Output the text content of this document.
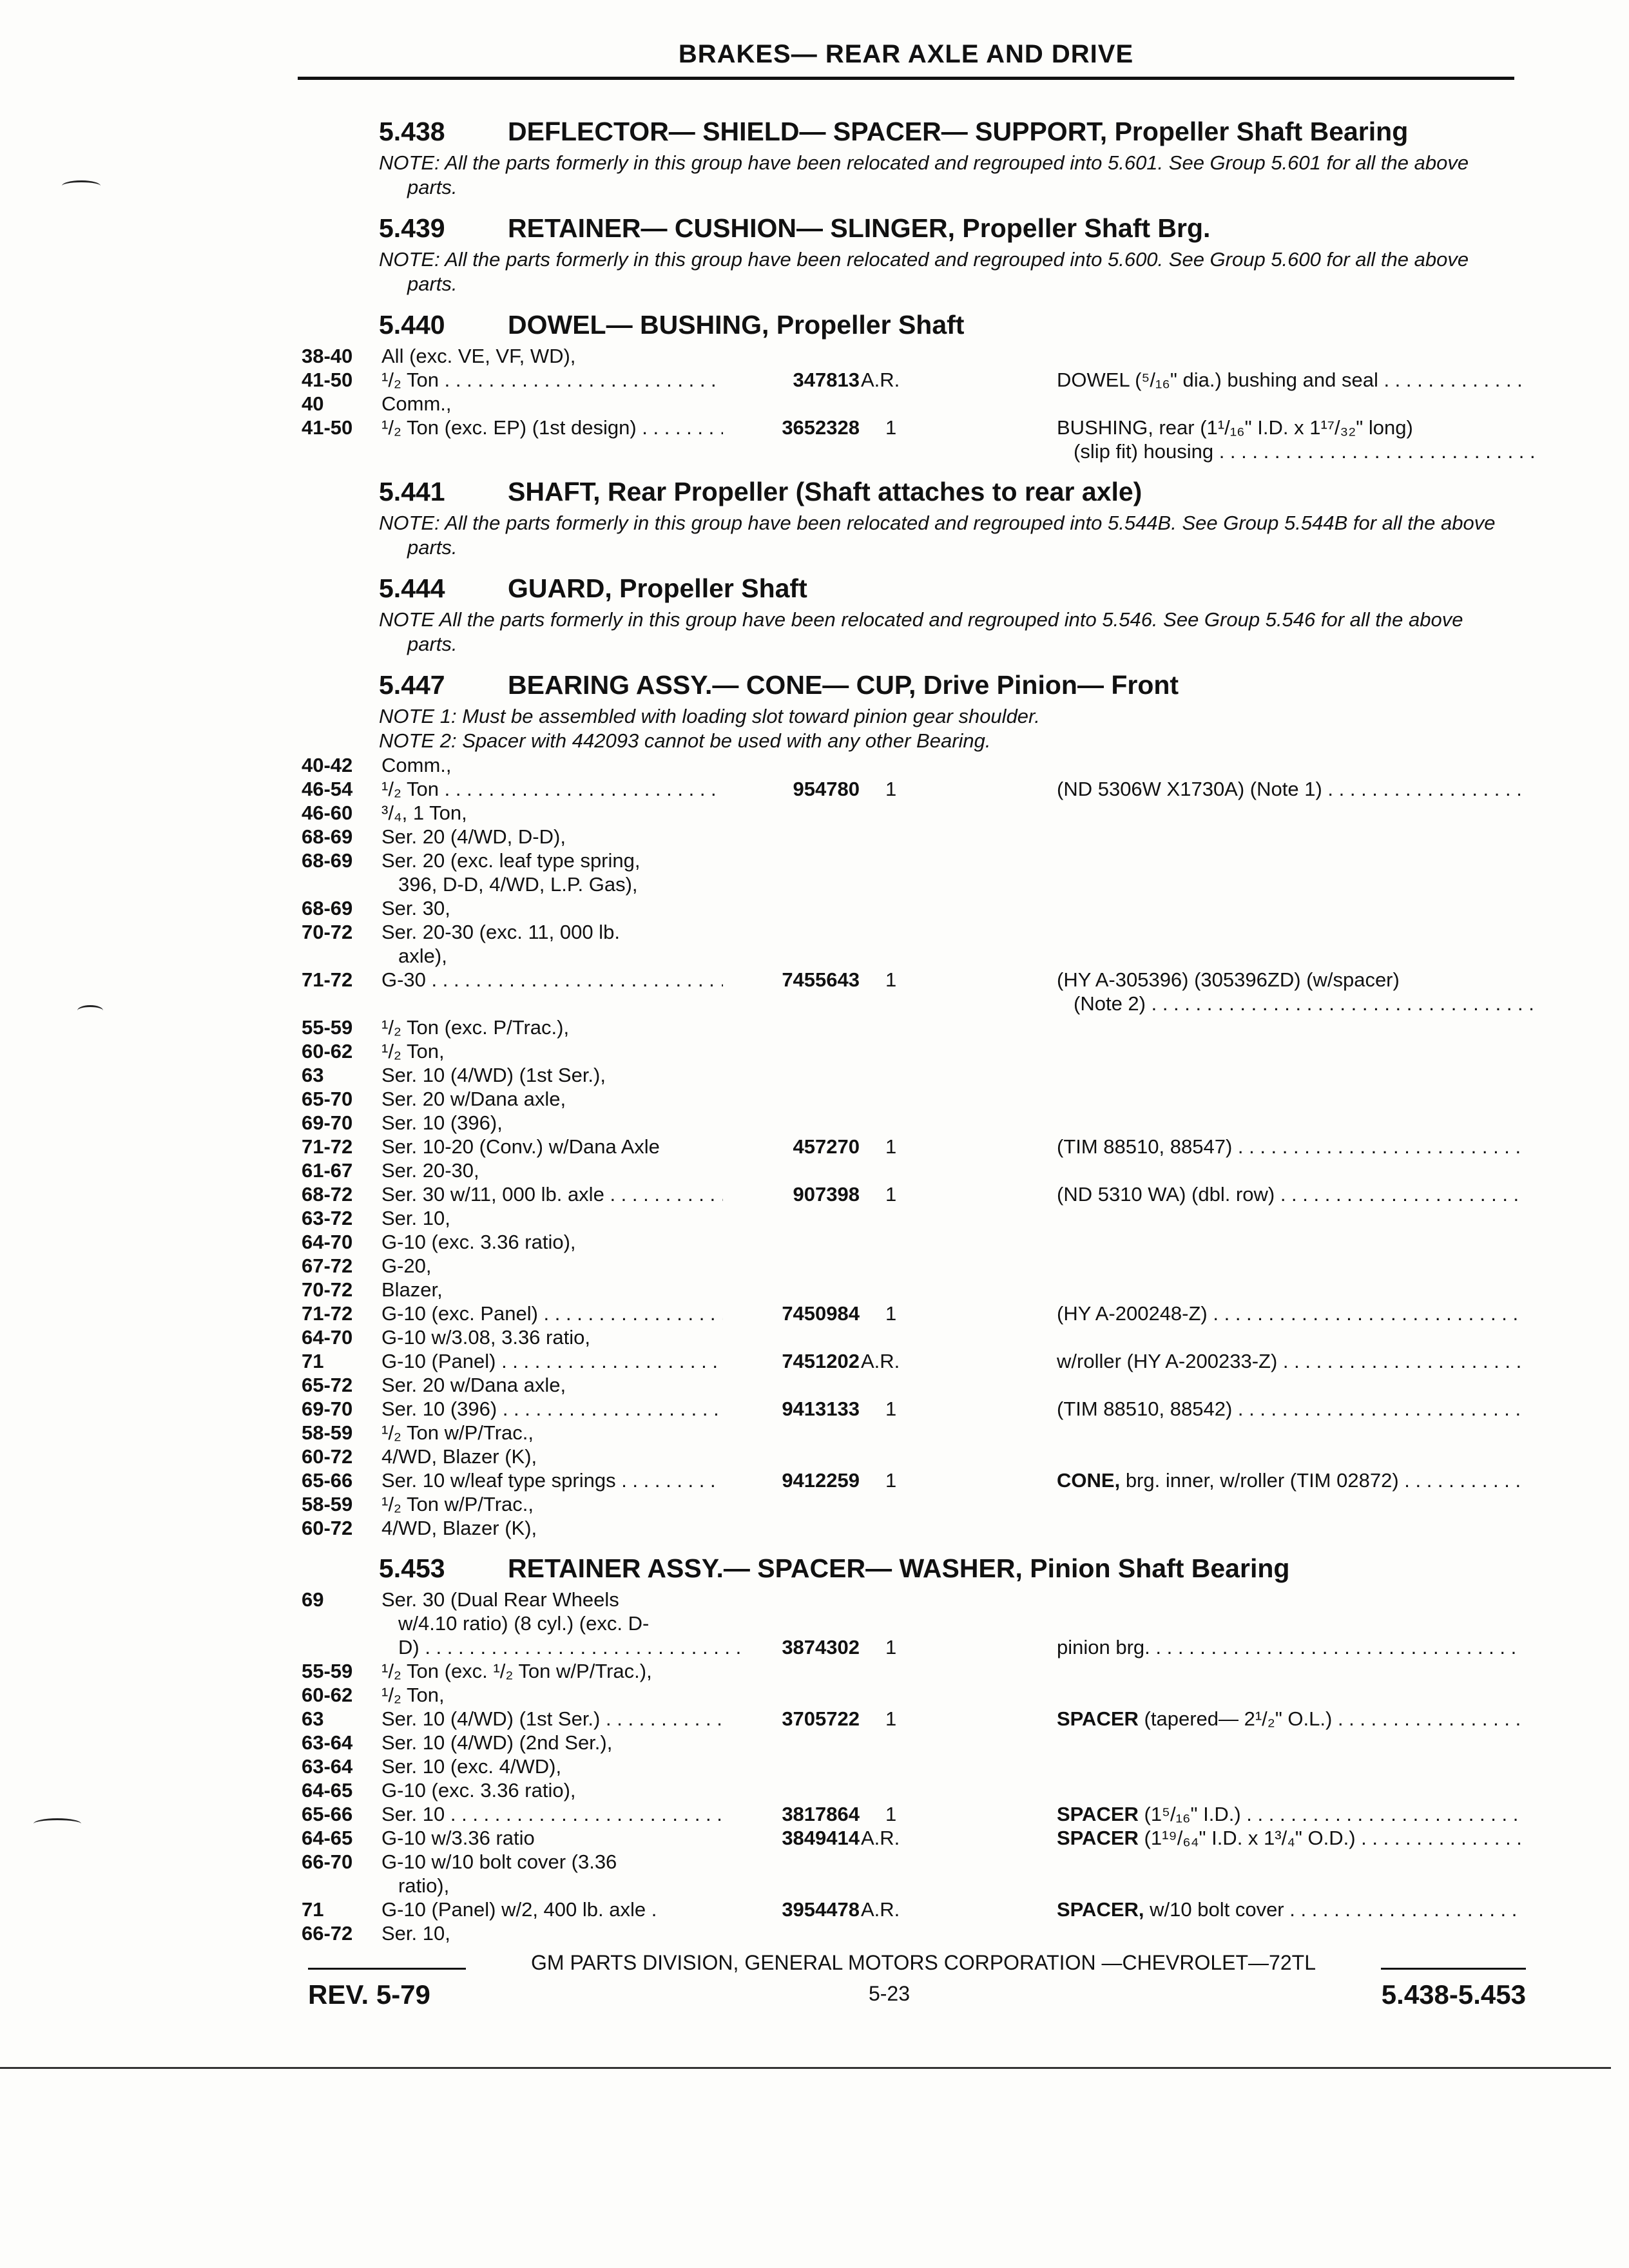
BRAKES— REAR AXLE AND DRIVE
5.438 DEFLECTOR— SHIELD— SPACER— SUPPORT, Propeller Shaft Bearing
NOTE: All the parts formerly in this group have been relocated and regrouped into 5.601. See Group 5.601 for all the above parts.
5.439 RETAINER— CUSHION— SLINGER, Propeller Shaft Brg.
NOTE: All the parts formerly in this group have been relocated and regrouped into 5.600. See Group 5.600 for all the above parts.
5.440 DOWEL— BUSHING, Propeller Shaft
38-40	All (exc. VE, VF, WD),
41-50	¹/₂ Ton . . .	347813 A.R.	DOWEL (⁵/₁₆" dia.) bushing and seal . . .
40	Comm.,
41-50	¹/₂ Ton (exc. EP) (1st design) . . .	3652328 1	BUSHING, rear (1¹/₁₆" I.D. x 1¹⁷/₃₂" long)
(slip fit) housing . . .
5.441 SHAFT, Rear Propeller (Shaft attaches to rear axle)
NOTE: All the parts formerly in this group have been relocated and regrouped into 5.544B. See Group 5.544B for all the above parts.
5.444 GUARD, Propeller Shaft
NOTE All the parts formerly in this group have been relocated and regrouped into 5.546. See Group 5.546 for all the above parts.
5.447 BEARING ASSY.— CONE— CUP, Drive Pinion— Front
NOTE 1: Must be assembled with loading slot toward pinion gear shoulder.
NOTE 2: Spacer with 442093 cannot be used with any other Bearing.
40-42	Comm.,
46-54	¹/₂ Ton . . .	954780 1	(ND 5306W X1730A) (Note 1) . . .
46-60	³/₄, 1 Ton,
68-69	Ser. 20 (4/WD, D-D),
68-69	Ser. 20 (exc. leaf type spring,
396, D-D, 4/WD, L.P. Gas),
68-69	Ser. 30,
70-72	Ser. 20-30 (exc. 11, 000 lb.
axle),
71-72	G-30 . . .	7455643 1	(HY A-305396) (305396ZD) (w/spacer)
(Note 2) . . .
55-59	¹/₂ Ton (exc. P/Trac.),
60-62	¹/₂ Ton,
63	Ser. 10 (4/WD) (1st Ser.),
65-70	Ser. 20 w/Dana axle,
69-70	Ser. 10 (396),
71-72	Ser. 10-20 (Conv.) w/Dana Axle	457270 1	(TIM 88510, 88547) . . .
61-67	Ser. 20-30,
68-72	Ser. 30 w/11, 000 lb. axle . . .	907398 1	(ND 5310 WA) (dbl. row) . . .
63-72	Ser. 10,
64-70	G-10 (exc. 3.36 ratio),
67-72	G-20,
70-72	Blazer,
71-72	G-10 (exc. Panel) . . .	7450984 1	(HY A-200248-Z) . . .
64-70	G-10 w/3.08, 3.36 ratio,
71	G-10 (Panel) . . .	7451202 A.R.	w/roller (HY A-200233-Z) . . .
65-72	Ser. 20 w/Dana axle,
69-70	Ser. 10 (396) . . .	9413133 1	(TIM 88510, 88542) . . .
58-59	¹/₂ Ton w/P/Trac.,
60-72	4/WD, Blazer (K),
65-66	Ser. 10 w/leaf type springs . . .	9412259 1	CONE, brg. inner, w/roller (TIM 02872) . . .
58-59	¹/₂ Ton w/P/Trac.,
60-72	4/WD, Blazer (K),
5.453 RETAINER ASSY.— SPACER— WASHER, Pinion Shaft Bearing
69	Ser. 30 (Dual Rear Wheels
w/4.10 ratio) (8 cyl.) (exc. D-
D) . . .	3874302 1	pinion brg. . . .
55-59	¹/₂ Ton (exc. ¹/₂ Ton w/P/Trac.),
60-62	¹/₂ Ton,
63	Ser. 10 (4/WD) (1st Ser.) . . .	3705722 1	SPACER (tapered— 2¹/₂" O.L.) . . .
63-64	Ser. 10 (4/WD) (2nd Ser.),
63-64	Ser. 10 (exc. 4/WD),
64-65	G-10 (exc. 3.36 ratio),
65-66	Ser. 10 . . .	3817864 1	SPACER (1⁵/₁₆" I.D.) . . .
64-65	G-10 w/3.36 ratio	3849414 A.R.	SPACER (1¹⁹/₆₄" I.D. x 1³/₄" O.D.) . . .
66-70	G-10 w/10 bolt cover (3.36
ratio),
71	G-10 (Panel) w/2, 400 lb. axle .	3954478 A.R.	SPACER, w/10 bolt cover . . .
66-72	Ser. 10,
GM PARTS DIVISION, GENERAL MOTORS CORPORATION —CHEVROLET—72TL
REV. 5-79	5-23	5.438-5.453
